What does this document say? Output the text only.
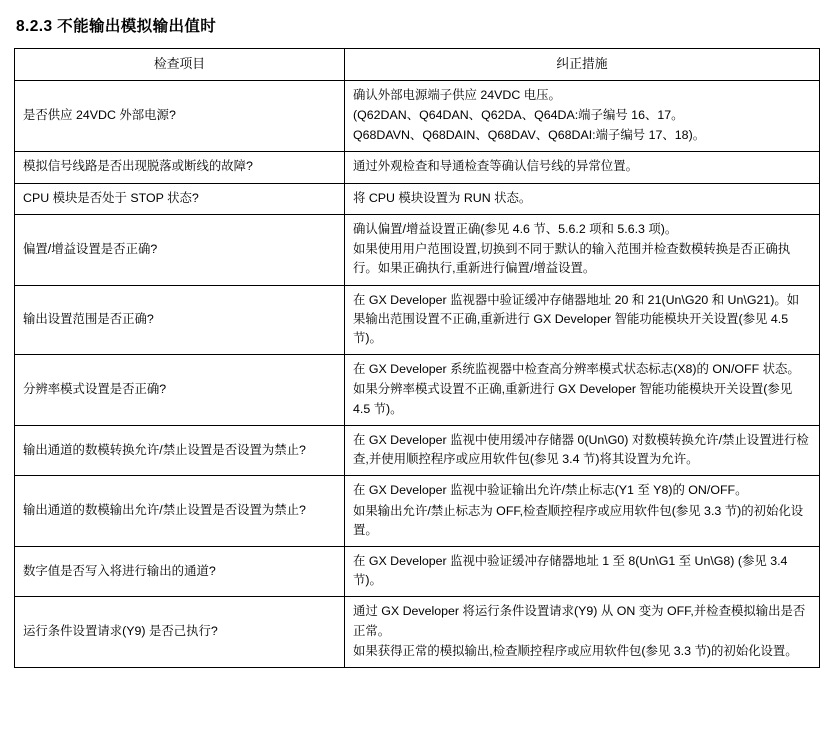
8.2.3 不能输出模拟输出值时
检查项目	纠正措施

是否供应 24VDC 外部电源?	确认外部电源端子供应 24VDC 电压。
(Q62DAN、Q64DAN、Q62DA、Q64DA:端子编号 16、17。
Q68DAVN、Q68DAIN、Q68DAV、Q68DAI:端子编号 17、18)。

模拟信号线路是否出现脱落或断线的故障?	通过外观检查和导通检查等确认信号线的异常位置。

CPU 模块是否处于 STOP 状态?	将 CPU 模块设置为 RUN 状态。

偏置/增益设置是否正确?	确认偏置/增益设置正确(参见 4.6 节、5.6.2 项和 5.6.3 项)。
如果使用用户范围设置,切换到不同于默认的输入范围并检查数模转换是否正确执行。如果正确执行,重新进行偏置/增益设置。

输出设置范围是否正确?	在 GX Developer 监视器中验证缓冲存储器地址 20 和 21(Un\G20 和 Un\G21)。如果输出范围设置不正确,重新进行 GX Developer 智能功能模块开关设置(参见 4.5 节)。

分辨率模式设置是否正确?	在 GX Developer 系统监视器中检查高分辨率模式状态标志(X8)的 ON/OFF 状态。
如果分辨率模式设置不正确,重新进行 GX Developer 智能功能模块开关设置(参见 4.5 节)。

输出通道的数模转换允许/禁止设置是否设置为禁止?	在 GX Developer 监视中使用缓冲存储器 0(Un\G0) 对数模转换允许/禁止设置进行检查,并使用顺控程序或应用软件包(参见 3.4 节)将其设置为允许。

输出通道的数模输出允许/禁止设置是否设置为禁止?	在 GX Developer 监视中验证输出允许/禁止标志(Y1 至 Y8)的 ON/OFF。
如果输出允许/禁止标志为 OFF,检查顺控程序或应用软件包(参见 3.3 节)的初始化设置。

数字值是否写入将进行输出的通道?	在 GX Developer 监视中验证缓冲存储器地址 1 至 8(Un\G1 至 Un\G8) (参见 3.4 节)。

运行条件设置请求(Y9) 是否己执行?	通过 GX Developer 将运行条件设置请求(Y9) 从 ON 变为 OFF,并检查模拟输出是否正常。
如果获得正常的模拟输出,检查顺控程序或应用软件包(参见 3.3 节)的初始化设置。
